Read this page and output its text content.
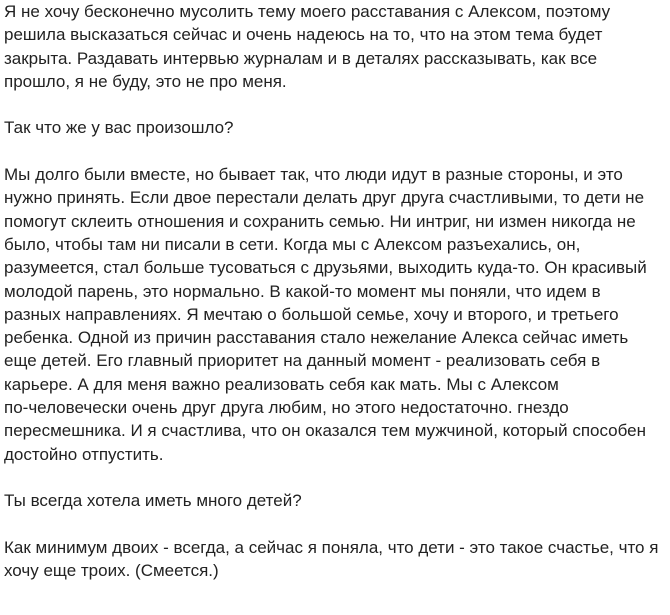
Я не хочу бесконечно мусолить тему моего расставания с Алексом, поэтому
решила высказаться сейчас и очень надеюсь на то, что на этом тема будет
закрыта. Раздавать интервью журналам и в деталях рассказывать, как все
прошло, я не буду, это не про меня.

Так что же у вас произошло?

Мы долго были вместе, но бывает так, что люди идут в разные стороны, и это
нужно принять. Если двое перестали делать друг друга счастливыми, то дети не
помогут склеить отношения и сохранить семью. Ни интриг, ни измен никогда не
было, чтобы там ни писали в сети. Когда мы с Алексом разъехались, он,
разумеется, стал больше тусоваться с друзьями, выходить куда-то. Он красивый
молодой парень, это нормально. В какой-то момент мы поняли, что идем в
разных направлениях. Я мечтаю о большой семье, хочу и второго, и третьего
ребенка. Одной из причин расставания стало нежелание Алекса сейчас иметь
еще детей. Его главный приоритет на данный момент - реализовать себя в
карьере. А для меня важно реализовать себя как мать. Мы с Алексом
по-человечески очень друг друга любим, но этого недостаточно. гнездо
пересмешника. И я счастлива, что он оказался тем мужчиной, который способен
достойно отпустить.

Ты всегда хотела иметь много детей?

Как минимум двоих - всегда, а сейчас я поняла, что дети - это такое счастье, что я
хочу еще троих. (Смеется.)
